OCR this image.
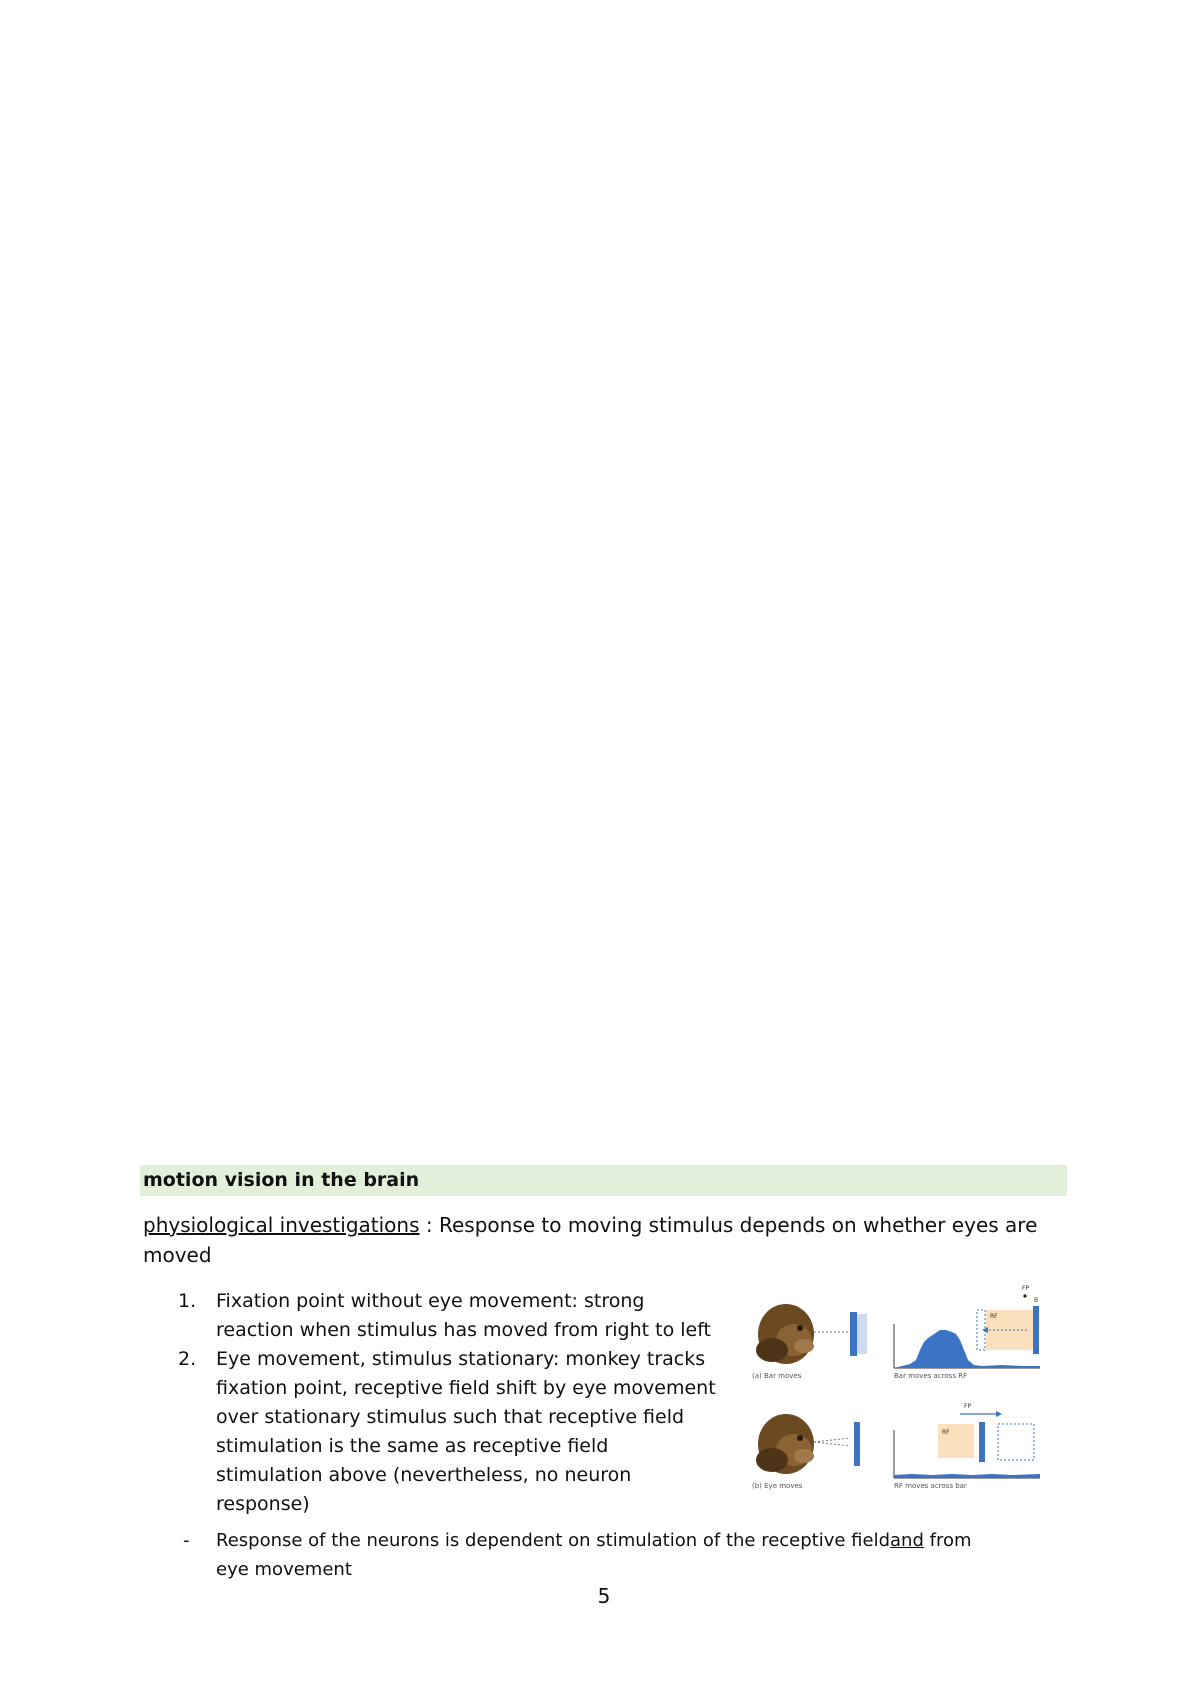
motion vision in the brain
physiological investigations : Response to moving stimulus depends on whether eyes are moved
1.	Fixation point without eye movement: strong reaction when stimulus has moved from right to left
2.	Eye movement, stimulus stationary: monkey tracks fixation point, receptive field shift by eye movement over stationary stimulus such that receptive field stimulation is the same as receptive field stimulation above (nevertheless, no neuron response)
- Response of the neurons is dependent on stimulation of the receptive fieldand from eye movement
5
(a) Bar moves
RF
FP
B
Bar moves across RF
(b) Eye moves
FP
RF
RF moves across bar
